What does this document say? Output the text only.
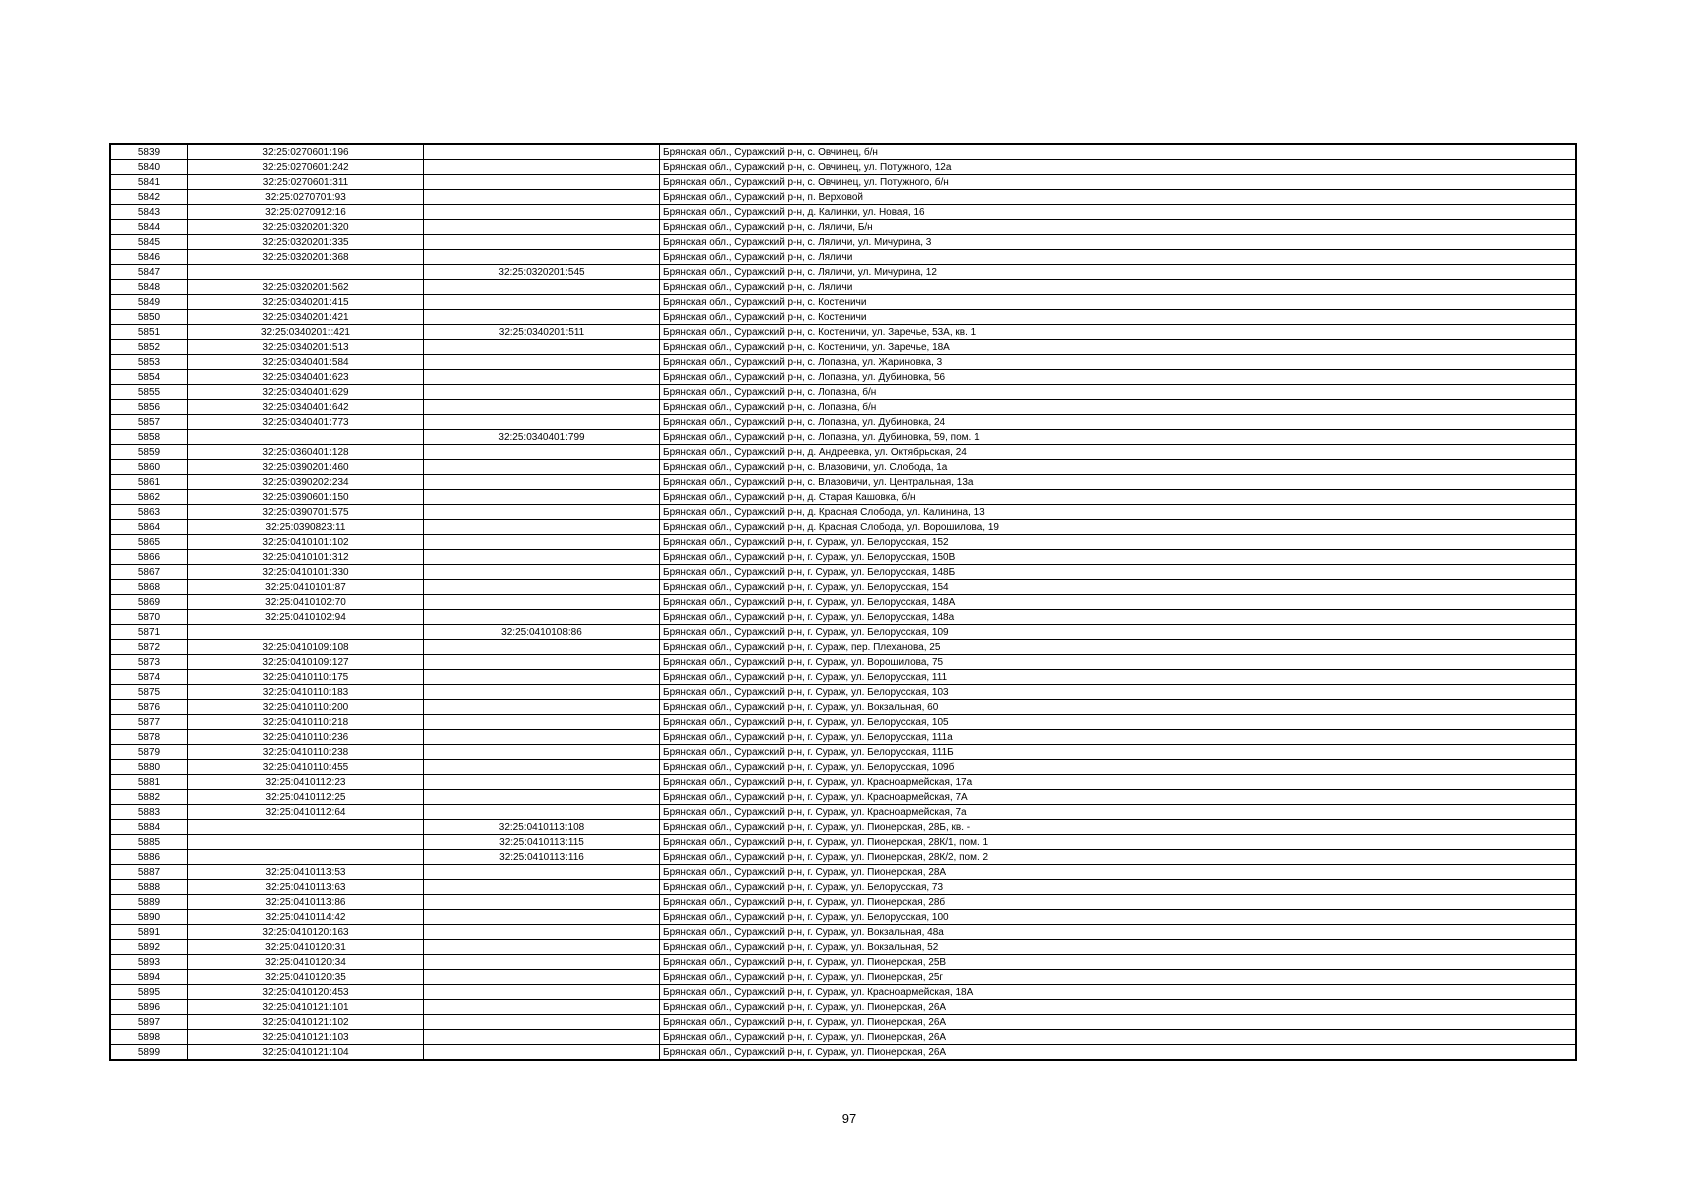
5839	32:25:0270601:196		Брянская обл., Суражский р-н, с. Овчинец, б/н
5840	32:25:0270601:242		Брянская обл., Суражский р-н, с. Овчинец, ул. Потужного, 12а
5841	32:25:0270601:311		Брянская обл., Суражский р-н, с. Овчинец, ул. Потужного, б/н
5842	32:25:0270701:93		Брянская обл., Суражский р-н, п. Верховой
5843	32:25:0270912:16		Брянская обл., Суражский р-н, д. Калинки, ул. Новая, 16
5844	32:25:0320201:320		Брянская обл., Суражский р-н, с. Ляличи, Б/н
5845	32:25:0320201:335		Брянская обл., Суражский р-н, с. Ляличи, ул. Мичурина, 3
5846	32:25:0320201:368		Брянская обл., Суражский р-н, с. Ляличи
5847		32:25:0320201:545	Брянская обл., Суражский р-н, с. Ляличи, ул. Мичурина, 12
5848	32:25:0320201:562		Брянская обл., Суражский р-н, с. Ляличи
5849	32:25:0340201:415		Брянская обл., Суражский р-н, с. Костеничи
5850	32:25:0340201:421		Брянская обл., Суражский р-н, с. Костеничи
5851	32:25:0340201::421	32:25:0340201:511	Брянская обл., Суражский р-н, с. Костеничи, ул. Заречье, 53А, кв. 1
5852	32:25:0340201:513		Брянская обл., Суражский р-н, с. Костеничи, ул. Заречье, 18А
5853	32:25:0340401:584		Брянская обл., Суражский р-н, с. Лопазна, ул. Жариновка, 3
5854	32:25:0340401:623		Брянская обл., Суражский р-н, с. Лопазна, ул. Дубиновка, 56
5855	32:25:0340401:629		Брянская обл., Суражский р-н, с. Лопазна, б/н
5856	32:25:0340401:642		Брянская обл., Суражский р-н, с. Лопазна, б/н
5857	32:25:0340401:773		Брянская обл., Суражский р-н, с. Лопазна, ул. Дубиновка, 24
5858		32:25:0340401:799	Брянская обл., Суражский р-н, с. Лопазна, ул. Дубиновка, 59, пом. 1
5859	32:25:0360401:128		Брянская обл., Суражский р-н, д. Андреевка, ул. Октябрьская, 24
5860	32:25:0390201:460		Брянская обл., Суражский р-н, с. Влазовичи, ул. Слобода, 1а
5861	32:25:0390202:234		Брянская обл., Суражский р-н, с. Влазовичи, ул. Центральная, 13а
5862	32:25:0390601:150		Брянская обл., Суражский р-н, д. Старая Кашовка, б/н
5863	32:25:0390701:575		Брянская обл., Суражский р-н, д. Красная Слобода, ул. Калинина, 13
5864	32:25:0390823:11		Брянская обл., Суражский р-н, д. Красная Слобода, ул. Ворошилова, 19
5865	32:25:0410101:102		Брянская обл., Суражский р-н, г. Сураж, ул. Белорусская, 152
5866	32:25:0410101:312		Брянская обл., Суражский р-н, г. Сураж, ул. Белорусская, 150В
5867	32:25:0410101:330		Брянская обл., Суражский р-н, г. Сураж, ул. Белорусская, 148Б
5868	32:25:0410101:87		Брянская обл., Суражский р-н, г. Сураж, ул. Белорусская, 154
5869	32:25:0410102:70		Брянская обл., Суражский р-н, г. Сураж, ул. Белорусская, 148А
5870	32:25:0410102:94		Брянская обл., Суражский р-н, г. Сураж, ул. Белорусская, 148а
5871		32:25:0410108:86	Брянская обл., Суражский р-н, г. Сураж, ул. Белорусская, 109
5872	32:25:0410109:108		Брянская обл., Суражский р-н, г. Сураж, пер. Плеханова, 25
5873	32:25:0410109:127		Брянская обл., Суражский р-н, г. Сураж, ул. Ворошилова, 75
5874	32:25:0410110:175		Брянская обл., Суражский р-н, г. Сураж, ул. Белорусская, 111
5875	32:25:0410110:183		Брянская обл., Суражский р-н, г. Сураж, ул. Белорусская, 103
5876	32:25:0410110:200		Брянская обл., Суражский р-н, г. Сураж, ул. Вокзальная, 60
5877	32:25:0410110:218		Брянская обл., Суражский р-н, г. Сураж, ул. Белорусская, 105
5878	32:25:0410110:236		Брянская обл., Суражский р-н, г. Сураж, ул. Белорусская, 111а
5879	32:25:0410110:238		Брянская обл., Суражский р-н, г. Сураж, ул. Белорусская, 111Б
5880	32:25:0410110:455		Брянская обл., Суражский р-н, г. Сураж, ул. Белорусская, 109б
5881	32:25:0410112:23		Брянская обл., Суражский р-н, г. Сураж, ул. Красноармейская, 17а
5882	32:25:0410112:25		Брянская обл., Суражский р-н, г. Сураж, ул. Красноармейская, 7А
5883	32:25:0410112:64		Брянская обл., Суражский р-н, г. Сураж, ул. Красноармейская, 7а
5884		32:25:0410113:108	Брянская обл., Суражский р-н, г. Сураж, ул. Пионерская, 28Б, кв. -
5885		32:25:0410113:115	Брянская обл., Суражский р-н, г. Сураж, ул. Пионерская, 28К/1, пом. 1
5886		32:25:0410113:116	Брянская обл., Суражский р-н, г. Сураж, ул. Пионерская, 28К/2, пом. 2
5887	32:25:0410113:53		Брянская обл., Суражский р-н, г. Сураж, ул. Пионерская, 28А
5888	32:25:0410113:63		Брянская обл., Суражский р-н, г. Сураж, ул. Белорусская, 73
5889	32:25:0410113:86		Брянская обл., Суражский р-н, г. Сураж, ул. Пионерская, 28б
5890	32:25:0410114:42		Брянская обл., Суражский р-н, г. Сураж, ул. Белорусская, 100
5891	32:25:0410120:163		Брянская обл., Суражский р-н, г. Сураж, ул. Вокзальная, 48а
5892	32:25:0410120:31		Брянская обл., Суражский р-н, г. Сураж, ул. Вокзальная, 52
5893	32:25:0410120:34		Брянская обл., Суражский р-н, г. Сураж, ул. Пионерская, 25В
5894	32:25:0410120:35		Брянская обл., Суражский р-н, г. Сураж, ул. Пионерская, 25г
5895	32:25:0410120:453		Брянская обл., Суражский р-н, г. Сураж, ул. Красноармейская, 18А
5896	32:25:0410121:101		Брянская обл., Суражский р-н, г. Сураж, ул. Пионерская, 26А
5897	32:25:0410121:102		Брянская обл., Суражский р-н, г. Сураж, ул. Пионерская, 26А
5898	32:25:0410121:103		Брянская обл., Суражский р-н, г. Сураж, ул. Пионерская, 26А
5899	32:25:0410121:104		Брянская обл., Суражский р-н, г. Сураж, ул. Пионерская, 26А
97
